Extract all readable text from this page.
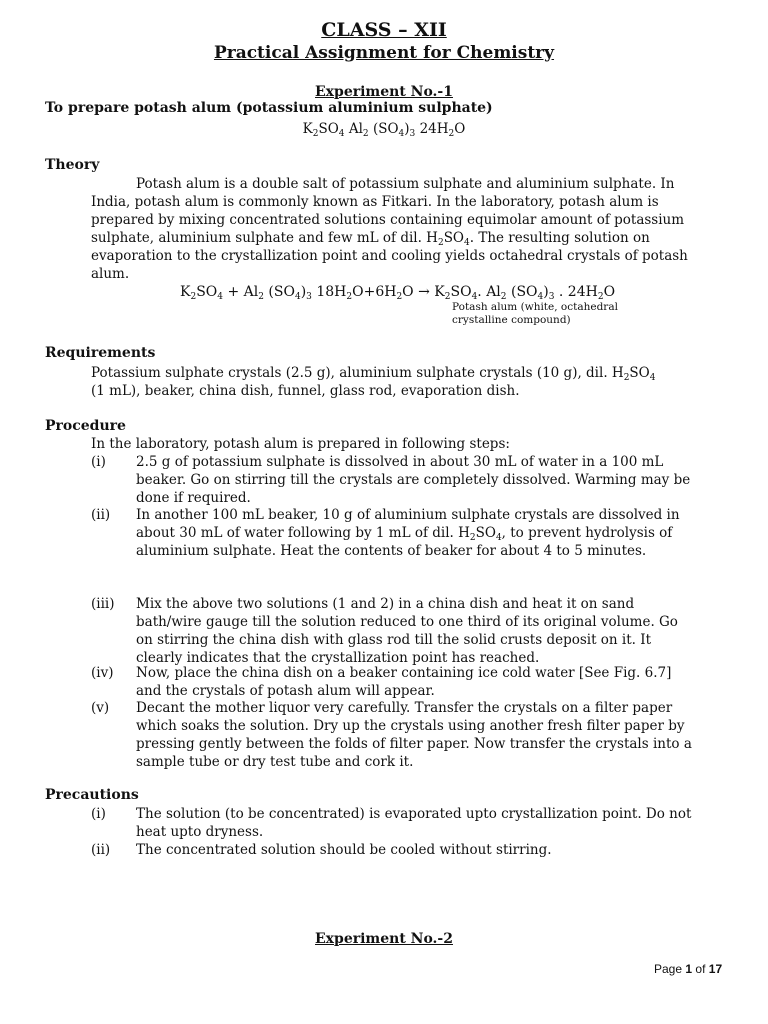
CLASS – XII
Practical Assignment for Chemistry
Experiment No.-1
To prepare potash alum (potassium aluminium sulphate)
$K_2SO_4$ $Al_2$ $(SO_4)_3$ $24H_2O$
Theory
Potash alum is a double salt of potassium sulphate and aluminium sulphate. In
India, potash alum is commonly known as Fitkari. In the laboratory, potash alum is
prepared by mixing concentrated solutions containing equimolar amount of potassium
sulphate, aluminium sulphate and few mL of dil. $H_2SO_4$. The resulting solution on
evaporation to the crystallization point and cooling yields octahedral crystals of potash
alum.
$K_2SO_4 + Al_2$ $(SO_4)_3$ $18H_2O+6H_2O \to K_2SO_4$. $Al_2$ $(SO_4)_3$ . $24H_2O$
Potash alum (white, octahedral
crystalline compound)
Requirements
Potassium sulphate crystals (2.5 g), aluminium sulphate crystals (10 g), dil. $H_2SO_4$
(1 mL), beaker, china dish, funnel, glass rod, evaporation dish.
Procedure
In the laboratory, potash alum is prepared in following steps:
(i)	2.5 g of potassium sulphate is dissolved in about 30 mL of water in a 100 mL
beaker. Go on stirring till the crystals are completely dissolved. Warming may be
done if required.
(ii)	In another 100 mL beaker, 10 g of aluminium sulphate crystals are dissolved in
about 30 mL of water following by 1 mL of dil. $H_2SO_4$, to prevent hydrolysis of
aluminium sulphate. Heat the contents of beaker for about 4 to 5 minutes.
(iii)	Mix the above two solutions (1 and 2) in a china dish and heat it on sand
bath/wire gauge till the solution reduced to one third of its original volume. Go
on stirring the china dish with glass rod till the solid crusts deposit on it. It
clearly indicates that the crystallization point has reached.
(iv)	Now, place the china dish on a beaker containing ice cold water [See Fig. 6.7]
and the crystals of potash alum will appear.
(v)	Decant the mother liquor very carefully. Transfer the crystals on a filter paper
which soaks the solution. Dry up the crystals using another fresh filter paper by
pressing gently between the folds of filter paper. Now transfer the crystals into a
sample tube or dry test tube and cork it.
Precautions
(i)	The solution (to be concentrated) is evaporated upto crystallization point. Do not
heat upto dryness.
(ii)	The concentrated solution should be cooled without stirring.
Experiment No.-2
Page 1 of 17
